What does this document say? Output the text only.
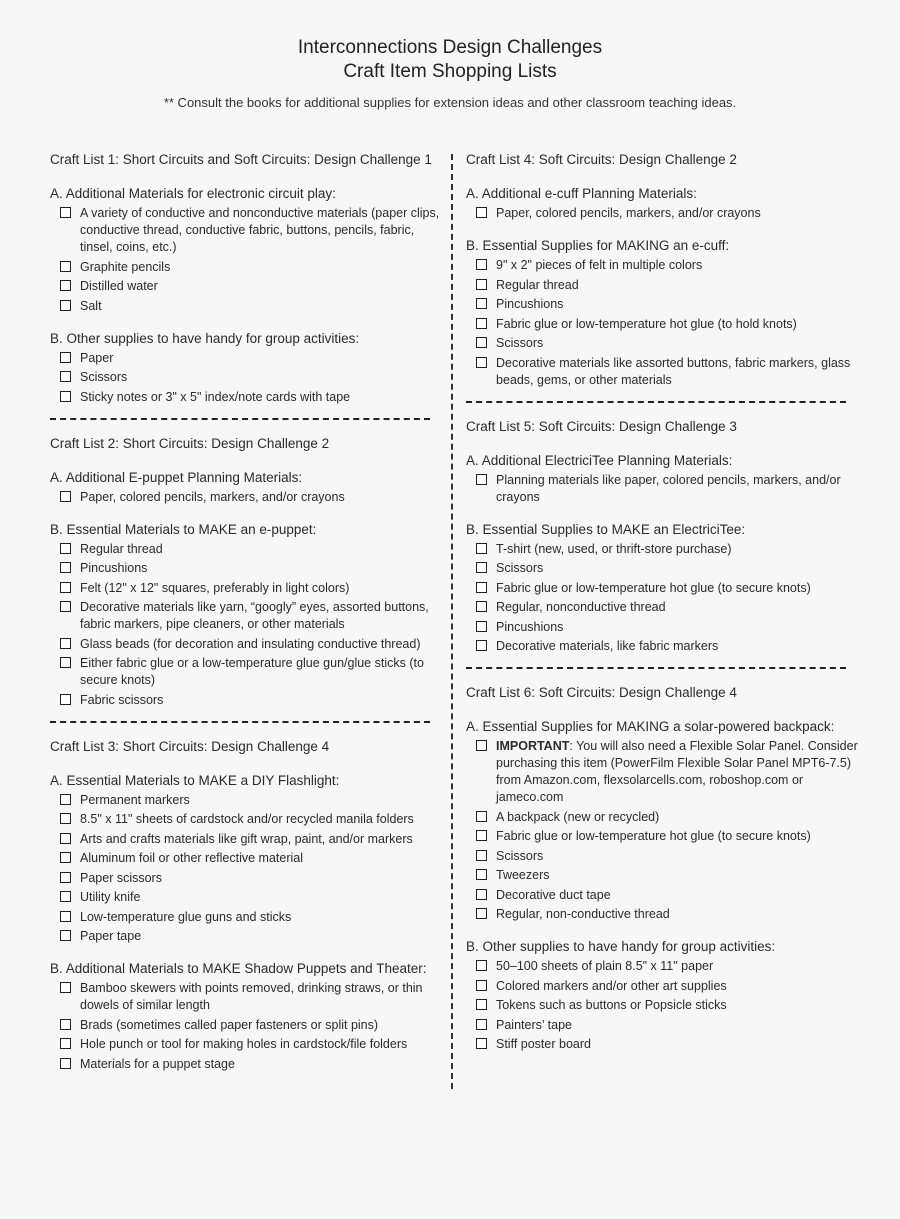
Interconnections Design Challenges
Craft Item Shopping Lists
** Consult the books for additional supplies for extension ideas and other classroom teaching ideas.
Craft List 1: Short Circuits and Soft Circuits: Design Challenge 1
A. Additional Materials for electronic circuit play:
A variety of conductive and nonconductive materials (paper clips, conductive thread, conductive fabric, buttons, pencils, fabric, tinsel, coins, etc.)
Graphite pencils
Distilled water
Salt
B. Other supplies to have handy for group activities:
Paper
Scissors
Sticky notes or 3" x 5" index/note cards with tape
Craft List 2: Short Circuits: Design Challenge 2
A. Additional E-puppet Planning Materials:
Paper, colored pencils, markers, and/or crayons
B. Essential Materials to MAKE an e-puppet:
Regular thread
Pincushions
Felt (12" x 12" squares, preferably in light colors)
Decorative materials like yarn, “googly” eyes, assorted buttons, fabric markers, pipe cleaners, or other materials
Glass beads (for decoration and insulating conductive thread)
Either fabric glue or a low-temperature glue gun/glue sticks (to secure knots)
Fabric scissors
Craft List 3: Short Circuits: Design Challenge 4
A. Essential Materials to MAKE a DIY Flashlight:
Permanent markers
8.5" x 11" sheets of cardstock and/or recycled manila folders
Arts and crafts materials like gift wrap, paint, and/or markers
Aluminum foil or other reflective material
Paper scissors
Utility knife
Low-temperature glue guns and sticks
Paper tape
B. Additional Materials to MAKE Shadow Puppets and Theater:
Bamboo skewers with points removed, drinking straws, or thin dowels of similar length
Brads (sometimes called paper fasteners or split pins)
Hole punch or tool for making holes in cardstock/file folders
Materials for a puppet stage
Craft List 4: Soft Circuits: Design Challenge 2
A. Additional e-cuff Planning Materials:
Paper, colored pencils, markers, and/or crayons
B. Essential Supplies for MAKING an e-cuff:
9" x 2" pieces of felt in multiple colors
Regular thread
Pincushions
Fabric glue or low-temperature hot glue (to hold knots)
Scissors
Decorative materials like assorted buttons, fabric markers, glass beads, gems, or other materials
Craft List 5: Soft Circuits: Design Challenge 3
A. Additional ElectriciTee Planning Materials:
Planning materials like paper, colored pencils, markers, and/or crayons
B. Essential Supplies to MAKE an ElectriciTee:
T-shirt (new, used, or thrift-store purchase)
Scissors
Fabric glue or low-temperature hot glue (to secure knots)
Regular, nonconductive thread
Pincushions
Decorative materials, like fabric markers
Craft List 6: Soft Circuits: Design Challenge 4
A. Essential Supplies for MAKING a solar-powered backpack:
IMPORTANT: You will also need a Flexible Solar Panel. Consider purchasing this item (PowerFilm Flexible Solar Panel MPT6-7.5) from Amazon.com, flexsolarcells.com, roboshop.com or jameco.com
A backpack (new or recycled)
Fabric glue or low-temperature hot glue (to secure knots)
Scissors
Tweezers
Decorative duct tape
Regular, non-conductive thread
B. Other supplies to have handy for group activities:
50–100 sheets of plain 8.5" x 11" paper
Colored markers and/or other art supplies
Tokens such as buttons or Popsicle sticks
Painters’ tape
Stiff poster board
